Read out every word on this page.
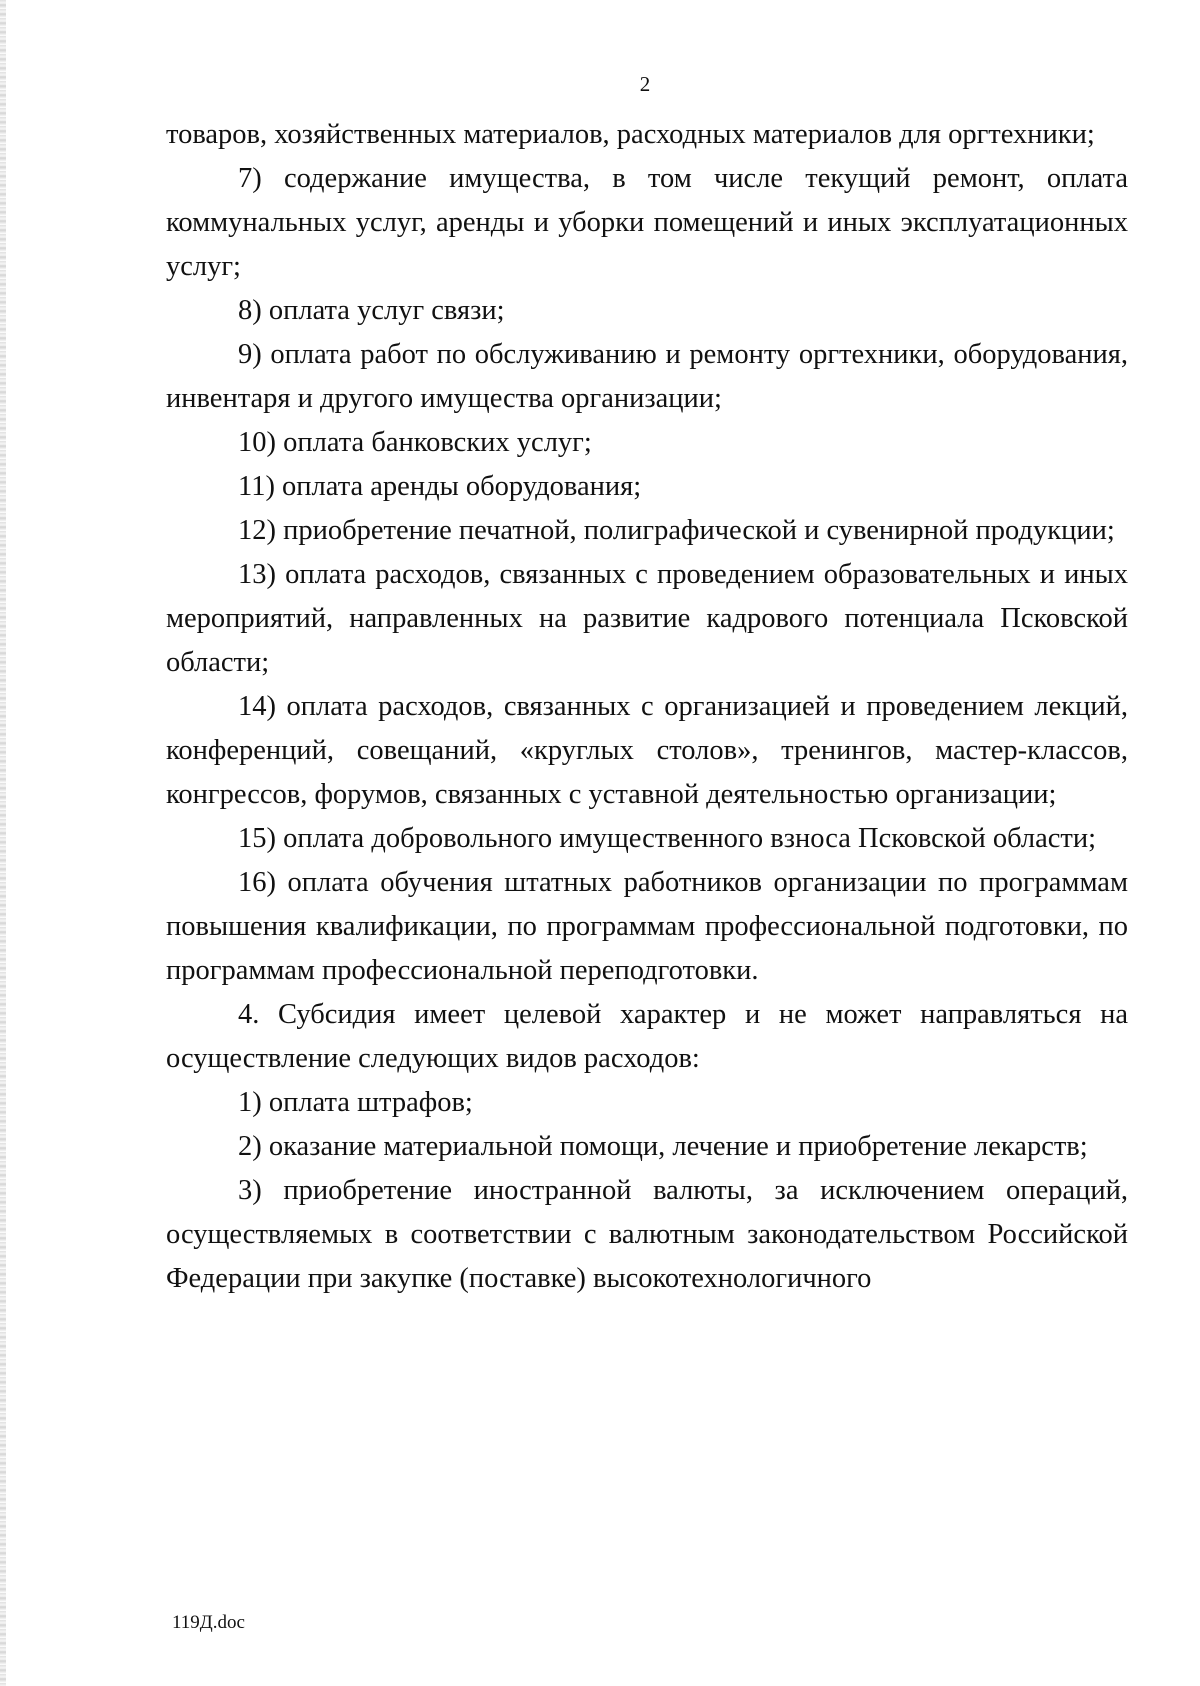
2

товаров, хозяйственных материалов, расходных материалов для оргтехники;

7) содержание имущества, в том числе текущий ремонт, оплата коммунальных услуг, аренды и уборки помещений и иных эксплуатационных услуг;

8) оплата услуг связи;

9) оплата работ по обслуживанию и ремонту оргтехники, оборудования, инвентаря и другого имущества организации;

10) оплата банковских услуг;

11) оплата аренды оборудования;

12) приобретение печатной, полиграфической и сувенирной продукции;

13) оплата расходов, связанных с проведением образовательных и иных мероприятий, направленных на развитие кадрового потенциала Псковской области;

14) оплата расходов, связанных с организацией и проведением лекций, конференций, совещаний, «круглых столов», тренингов, мастер-классов, конгрессов, форумов, связанных с уставной деятельностью организации;

15) оплата добровольного имущественного взноса Псковской области;

16) оплата обучения штатных работников организации по программам повышения квалификации, по программам профессиональной подготовки, по программам профессиональной переподготовки.

4. Субсидия имеет целевой характер и не может направляться на осуществление следующих видов расходов:

1) оплата штрафов;

2) оказание материальной помощи, лечение и приобретение лекарств;

3) приобретение иностранной валюты, за исключением операций, осуществляемых в соответствии с валютным законодательством Российской Федерации при закупке (поставке) высокотехнологичного

119Д.doc
